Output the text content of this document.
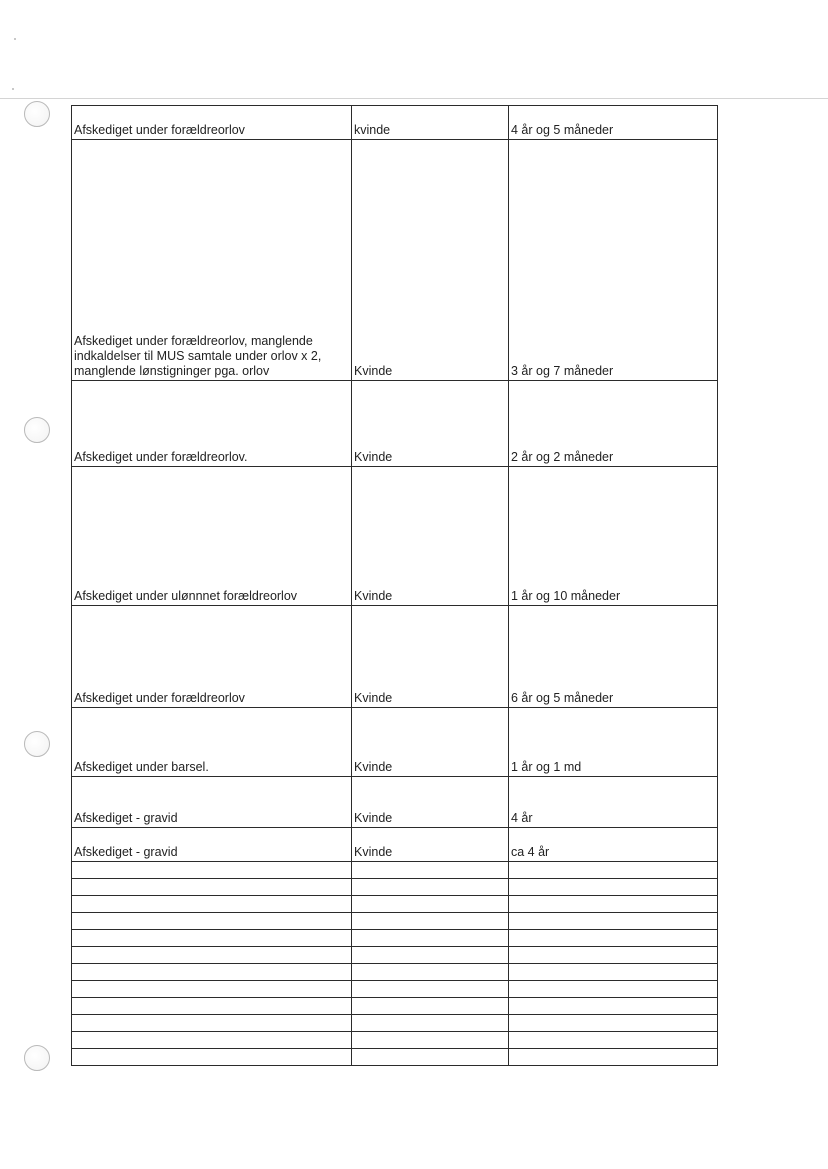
Afskediget under forældreorlov	kvinde	4 år og 5 måneder
Afskediget under forældreorlov, manglende indkaldelser til MUS samtale under orlov x 2, manglende lønstigninger pga. orlov	Kvinde	3 år og 7 måneder
Afskediget under forældreorlov.	Kvinde	2 år og 2 måneder
Afskediget under ulønnnet forældreorlov	Kvinde	1 år og 10 måneder
Afskediget under forældreorlov	Kvinde	6 år og 5 måneder
Afskediget under barsel.	Kvinde	1 år og 1 md
Afskediget - gravid	Kvinde	4 år
Afskediget - gravid	Kvinde	ca 4 år
